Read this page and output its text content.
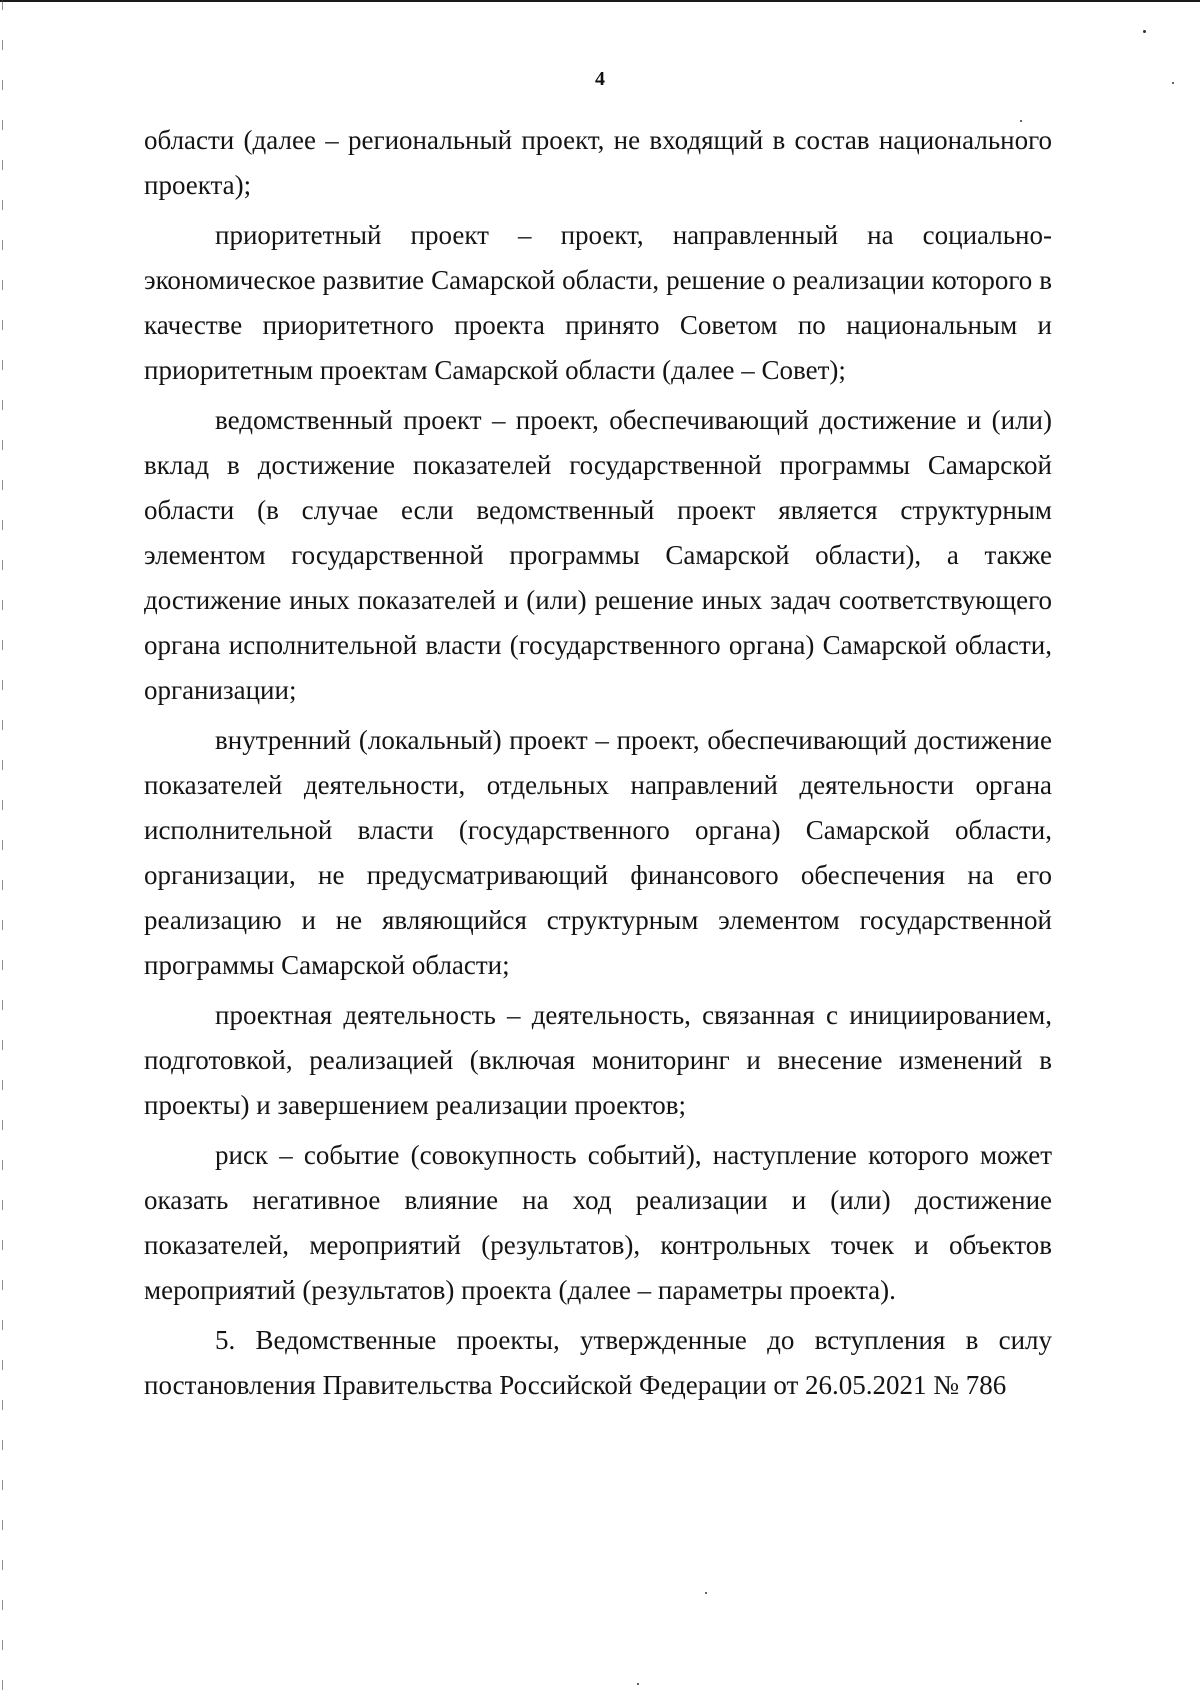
4

области (далее – региональный проект, не входящий в состав национального проекта);

приоритетный проект – проект, направленный на социально-экономическое развитие Самарской области, решение о реализации которого в качестве приоритетного проекта принято Советом по национальным и приоритетным проектам Самарской области (далее – Совет);

ведомственный проект – проект, обеспечивающий достижение и (или) вклад в достижение показателей государственной программы Самарской области (в случае если ведомственный проект является структурным элементом государственной программы Самарской области), а также достижение иных показателей и (или) решение иных задач соответствующего органа исполнительной власти (государственного органа) Самарской области, организации;

внутренний (локальный) проект – проект, обеспечивающий достижение показателей деятельности, отдельных направлений деятельности органа исполнительной власти (государственного органа) Самарской области, организации, не предусматривающий финансового обеспечения на его реализацию и не являющийся структурным элементом государственной программы Самарской области;

проектная деятельность – деятельность, связанная с инициированием, подготовкой, реализацией (включая мониторинг и внесение изменений в проекты) и завершением реализации проектов;

риск – событие (совокупность событий), наступление которого может оказать негативное влияние на ход реализации и (или) достижение показателей, мероприятий (результатов), контрольных точек и объектов мероприятий (результатов) проекта (далее – параметры проекта).

5. Ведомственные проекты, утвержденные до вступления в силу постановления Правительства Российской Федерации от 26.05.2021 № 786
